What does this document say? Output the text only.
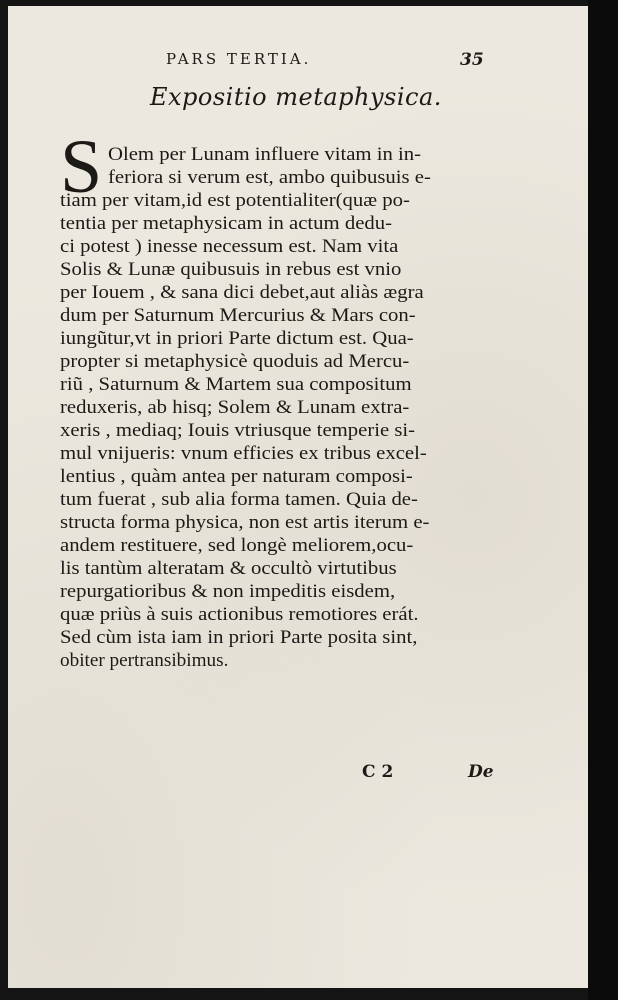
PARS TERTIA.	35
Expositio metaphysica.
S Olem per Lunam influere vitam in in-
feriora si verum est, ambo quibusuis e-
tiam per vitam,id est potentialiter(quæ po-
tentia per metaphysicam in actum dedu-
ci potest ) inesse necessum est. Nam vita
Solis & Lunæ quibusuis in rebus est vnio
per Iouem , & sana dici debet,aut aliàs ægra
dum per Saturnum Mercurius & Mars con-
iungũtur,vt in priori Parte dictum est. Qua-
propter si metaphysicè quoduis ad Mercu-
riũ , Saturnum & Martem sua compositum
reduxeris, ab hisq; Solem & Lunam extra-
xeris , mediaq; Iouis vtriusque temperie si-
mul vnijueris: vnum efficies ex tribus excel-
lentius , quàm antea per naturam composi-
tum fuerat , sub alia forma tamen. Quia de-
structa forma physica, non est artis iterum e-
andem restituere, sed longè meliorem,ocu-
lis tantùm alteratam & occultò virtutibus
repurgatioribus & non impeditis eisdem,
quæ priùs à suis actionibus remotiores erát.
Sed cùm ista iam in priori Parte posita sint,
obiter pertransibimus.
C 2	De
